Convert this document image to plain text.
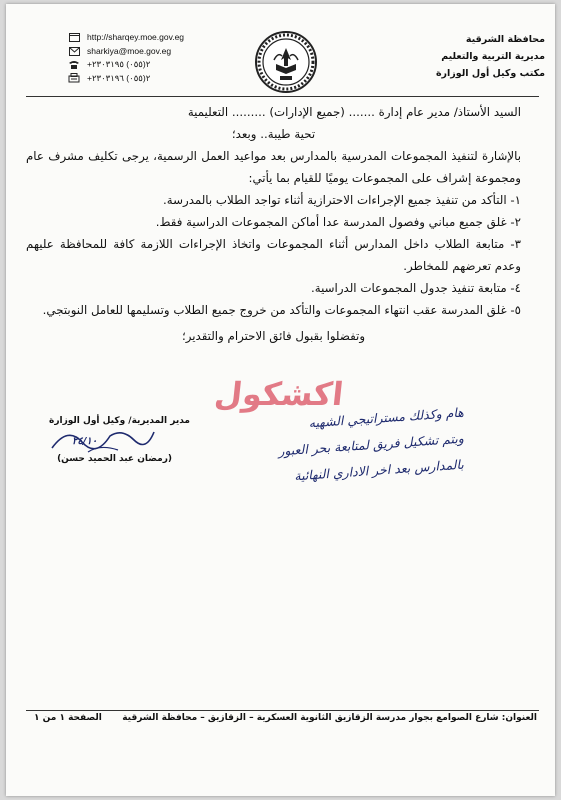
http://sharqey.moe.gov.eg
sharkiya@moe.gov.eg
+٢(٠٥٥) ٢٣٠٣١٩٥
+٢(٠٥٥) ٢٣٠٣١٩٦
محافظة الشرقية
مديرية التربية والتعليم
مكتب وكيل أول الوزارة

السيد الأستاذ/ مدير عام إدارة ....... (جميع الإدارات) ......... التعليمية

تحية طيبة.. وبعد؛

بالإشارة لتنفيذ المجموعات المدرسية بالمدارس بعد مواعيد العمل الرسمية، يرجى تكليف مشرف عام ومجموعة إشراف على المجموعات يوميًا للقيام بما يأتي:

١- التأكد من تنفيذ جميع الإجراءات الاحترازية أثناء تواجد الطلاب بالمدرسة.

٢- غلق جميع مباني وفصول المدرسة عدا أماكن المجموعات الدراسية فقط.

٣- متابعة الطلاب داخل المدارس أثناء المجموعات واتخاذ الإجراءات اللازمة كافة للمحافظة عليهم وعدم تعرضهم للمخاطر.

٤- متابعة تنفيذ جدول المجموعات الدراسية.

٥- غلق المدرسة عقب انتهاء المجموعات والتأكد من خروج جميع الطلاب وتسليمها للعامل النوبتجي.

وتفضلوا بقبول فائق الاحترام والتقدير؛

اكشكول
هام وكذلك مستراتيجي الشهيه
وبتم تشكيل فريق لمتابعة بحر العبور
بالمدارس بعد اخر الاداري النهائية
مدير المديرية/ وكيل أول الوزارة
٢٤/١٠
(رمضان عبد الحميد حسن)
العنوان: شارع الصوامع بجوار مدرسة الزقازيق الثانوية العسكرية – الزقازيق – محافظة الشرقية
الصفحة ١ من ١
